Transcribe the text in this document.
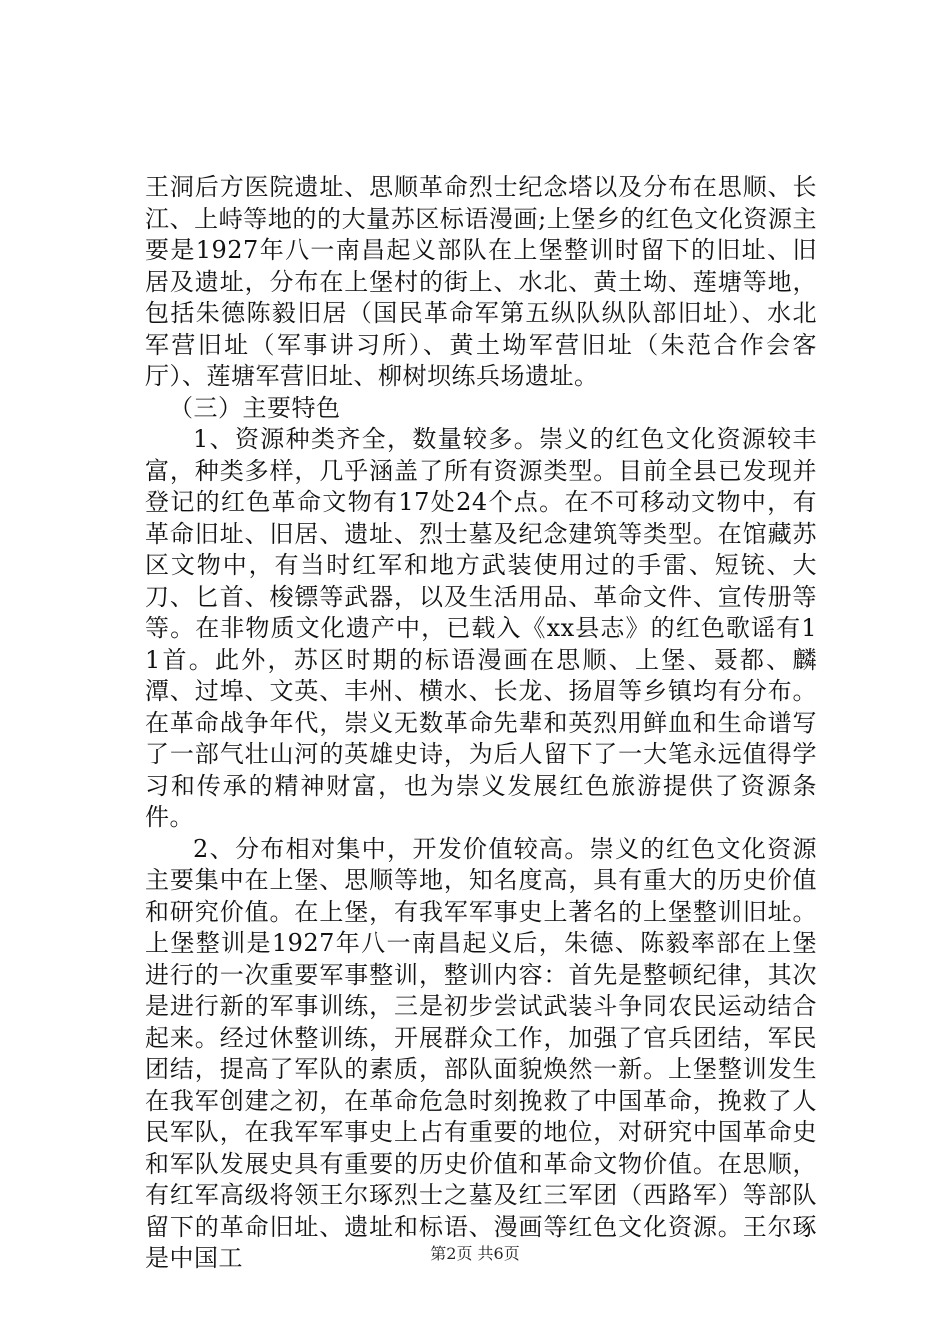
王洞后方医院遗址、思顺革命烈士纪念塔以及分布在思顺、长江、上峙等地的的大量苏区标语漫画;上堡乡的红色文化资源主要是1927年八一南昌起义部队在上堡整训时留下的旧址、旧居及遗址，分布在上堡村的街上、水北、黄土坳、莲塘等地，包括朱德陈毅旧居（国民革命军第五纵队纵队部旧址）、水北军营旧址（军事讲习所）、黄土坳军营旧址（朱范合作会客厅）、莲塘军营旧址、柳树坝练兵场遗址。

（三）主要特色

1、资源种类齐全，数量较多。崇义的红色文化资源较丰富，种类多样，几乎涵盖了所有资源类型。目前全县已发现并登记的红色革命文物有17处24个点。在不可移动文物中，有革命旧址、旧居、遗址、烈士墓及纪念建筑等类型。在馆藏苏区文物中，有当时红军和地方武装使用过的手雷、短铳、大刀、匕首、梭镖等武器，以及生活用品、革命文件、宣传册等等。在非物质文化遗产中，已载入《xx县志》的红色歌谣有11首。此外，苏区时期的标语漫画在思顺、上堡、聂都、麟潭、过埠、文英、丰州、横水、长龙、扬眉等乡镇均有分布。在革命战争年代，崇义无数革命先辈和英烈用鲜血和生命谱写了一部气壮山河的英雄史诗，为后人留下了一大笔永远值得学习和传承的精神财富，也为崇义发展红色旅游提供了资源条件。

2、分布相对集中，开发价值较高。崇义的红色文化资源主要集中在上堡、思顺等地，知名度高，具有重大的历史价值和研究价值。在上堡，有我军军事史上著名的上堡整训旧址。上堡整训是1927年八一南昌起义后，朱德、陈毅率部在上堡进行的一次重要军事整训，整训内容：首先是整顿纪律，其次是进行新的军事训练，三是初步尝试武装斗争同农民运动结合起来。经过休整训练，开展群众工作，加强了官兵团结，军民团结，提高了军队的素质，部队面貌焕然一新。上堡整训发生在我军创建之初，在革命危急时刻挽救了中国革命，挽救了人民军队，在我军军事史上占有重要的地位，对研究中国革命史和军队发展史具有重要的历史价值和革命文物价值。在思顺，有红军高级将领王尔琢烈士之墓及红三军团（西路军）等部队留下的革命旧址、遗址和标语、漫画等红色文化资源。王尔琢是中国工	第2页 共6页
